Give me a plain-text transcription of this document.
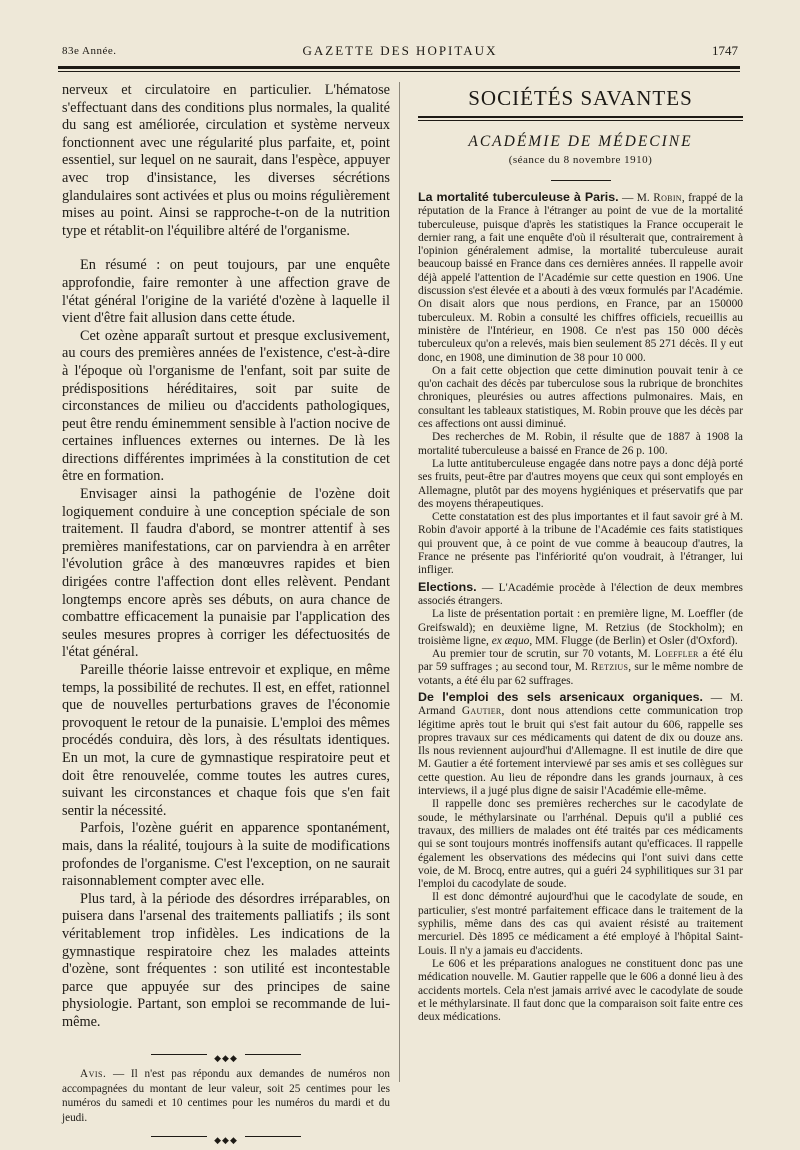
83e Année.	GAZETTE DES HOPITAUX	1747

nerveux et circulatoire en particulier. L'hématose s'effectuant dans des conditions plus normales, la qualité du sang est améliorée, circulation et système nerveux fonctionnent avec une régularité plus parfaite, et, point essentiel, sur lequel on ne saurait, dans l'espèce, appuyer avec trop d'insistance, les diverses sécrétions glandulaires sont activées et plus ou moins régulièrement mises au point. Ainsi se rapproche-t-on de la nutrition type et rétablit-on l'équilibre altéré de l'organisme.

En résumé : on peut toujours, par une enquête approfondie, faire remonter à une affection grave de l'état général l'origine de la variété d'ozène à laquelle il vient d'être fait allusion dans cette étude.

Cet ozène apparaît surtout et presque exclusivement, au cours des premières années de l'existence, c'est-à-dire à l'époque où l'organisme de l'enfant, soit par suite de prédispositions héréditaires, soit par suite de circonstances de milieu ou d'accidents pathologiques, peut être rendu éminemment sensible à l'action nocive de certaines influences externes ou internes. De là les directions différentes imprimées à la constitution de cet être en formation.

Envisager ainsi la pathogénie de l'ozène doit logiquement conduire à une conception spéciale de son traitement. Il faudra d'abord, se montrer attentif à ses premières manifestations, car on parviendra à en arrêter l'évolution grâce à des manœuvres rapides et bien dirigées contre l'affection dont elles relèvent. Pendant longtemps encore après ses débuts, on aura chance de combattre efficacement la punaisie par l'application des seules mesures propres à corriger les défectuosités de l'état général.

Pareille théorie laisse entrevoir et explique, en même temps, la possibilité de rechutes. Il est, en effet, rationnel que de nouvelles perturbations graves de l'économie provoquent le retour de la punaisie. L'emploi des mêmes procédés conduira, dès lors, à des résultats identiques. En un mot, la cure de gymnastique respiratoire peut et doit être renouvelée, comme toutes les autres cures, suivant les circonstances et chaque fois que s'en fait sentir la nécessité.

Parfois, l'ozène guérit en apparence spontanément, mais, dans la réalité, toujours à la suite de modifications profondes de l'organisme. C'est l'exception, on ne saurait raisonnablement compter avec elle.

Plus tard, à la période des désordres irréparables, on puisera dans l'arsenal des traitements palliatifs ; ils sont véritablement trop infidèles. Les indications de la gymnastique respiratoire chez les malades atteints d'ozène, sont fréquentes : son utilité est incontestable parce que appuyée sur des principes de saine physiologie. Partant, son emploi se recommande de lui-même.

◆◆◆
Avis. — Il n'est pas répondu aux demandes de numéros non accompagnées du montant de leur valeur, soit 25 centimes pour les numéros du samedi et 10 centimes pour les numéros du mardi et du jeudi.
◆◆◆
SOCIÉTÉS SAVANTES
ACADÉMIE DE MÉDECINE
(séance du 8 novembre 1910)

La mortalité tuberculeuse à Paris. — M. Robin, frappé de la réputation de la France à l'étranger au point de vue de la mortalité tuberculeuse, puisque d'après les statistiques la France occuperait le dernier rang, a fait une enquête d'où il résulterait que, contrairement à l'opinion généralement admise, la mortalité tuberculeuse aurait beaucoup baissé en France dans ces dernières années. Il rappelle avoir déjà appelé l'attention de l'Académie sur cette question en 1906. Une discussion s'est élevée et a abouti à des vœux formulés par l'Académie. On disait alors que nous perdions, en France, par an 150000 tuberculeux. M. Robin a consulté les chiffres officiels, recueillis au ministère de l'Intérieur, en 1908. Ce n'est pas 150 000 décès tuberculeux qu'on a relevés, mais bien seulement 85 271 décès. Il y eut donc, en 1908, une diminution de 38 pour 10 000.

On a fait cette objection que cette diminution pouvait tenir à ce qu'on cachait des décès par tuberculose sous la rubrique de bronchites chroniques, pleurésies ou autres affections pulmonaires. Mais, en consultant les tableaux statistiques, M. Robin prouve que les décès par ces affections ont aussi diminué.

Des recherches de M. Robin, il résulte que de 1887 à 1908 la mortalité tuberculeuse a baissé en France de 26 p. 100.

La lutte antituberculeuse engagée dans notre pays a donc déjà porté ses fruits, peut-être par d'autres moyens que ceux qui sont employés en Allemagne, plutôt par des moyens hygiéniques et préservatifs que par des moyens thérapeutiques.

Cette constatation est des plus importantes et il faut savoir gré à M. Robin d'avoir apporté à la tribune de l'Académie ces faits statistiques qui prouvent que, à ce point de vue comme à beaucoup d'autres, la France ne présente pas l'infériorité qu'on voudrait, à l'étranger, lui infliger.

Elections. — L'Académie procède à l'élection de deux membres associés étrangers.

La liste de présentation portait : en première ligne, M. Loeffler (de Greifswald); en deuxième ligne, M. Retzius (de Stockholm); en troisième ligne, ex æquo, MM. Flugge (de Berlin) et Osler (d'Oxford).

Au premier tour de scrutin, sur 70 votants, M. Loeffler a été élu par 59 suffrages ; au second tour, M. Retzius, sur le même nombre de votants, a été élu par 62 suffrages.

De l'emploi des sels arsenicaux organiques. — M. Armand Gautier, dont nous attendions cette communication trop légitime après tout le bruit qui s'est fait autour du 606, rappelle ses propres travaux sur ces médicaments qui datent de dix ou douze ans. Ils nous reviennent aujourd'hui d'Allemagne. Il est inutile de dire que M. Gautier a été fortement interviewé par ses amis et ses collègues sur cette question. Au lieu de répondre dans les grands journaux, à ces interviews, il a jugé plus digne de saisir l'Académie elle-même.

Il rappelle donc ses premières recherches sur le cacodylate de soude, le méthylarsinate ou l'arrhénal. Depuis qu'il a publié ces travaux, des milliers de malades ont été traités par ces médicaments qui se sont toujours montrés inoffensifs autant qu'efficaces. Il rappelle également les observations des médecins qui l'ont suivi dans cette voie, de M. Brocq, entre autres, qui a guéri 24 syphilitiques sur 31 par l'emploi du cacodylate de soude.

Il est donc démontré aujourd'hui que le cacodylate de soude, en particulier, s'est montré parfaitement efficace dans le traitement de la syphilis, même dans des cas qui avaient résisté au traitement mercuriel. Dès 1895 ce médicament a été employé à l'hôpital Saint-Louis. Il n'y a jamais eu d'accidents.

Le 606 et les préparations analogues ne constituent donc pas une médication nouvelle. M. Gautier rappelle que le 606 a donné lieu à des accidents mortels. Cela n'est jamais arrivé avec le cacodylate de soude et le méthylarsinate. Il faut donc que la comparaison soit faite entre ces deux médications.
